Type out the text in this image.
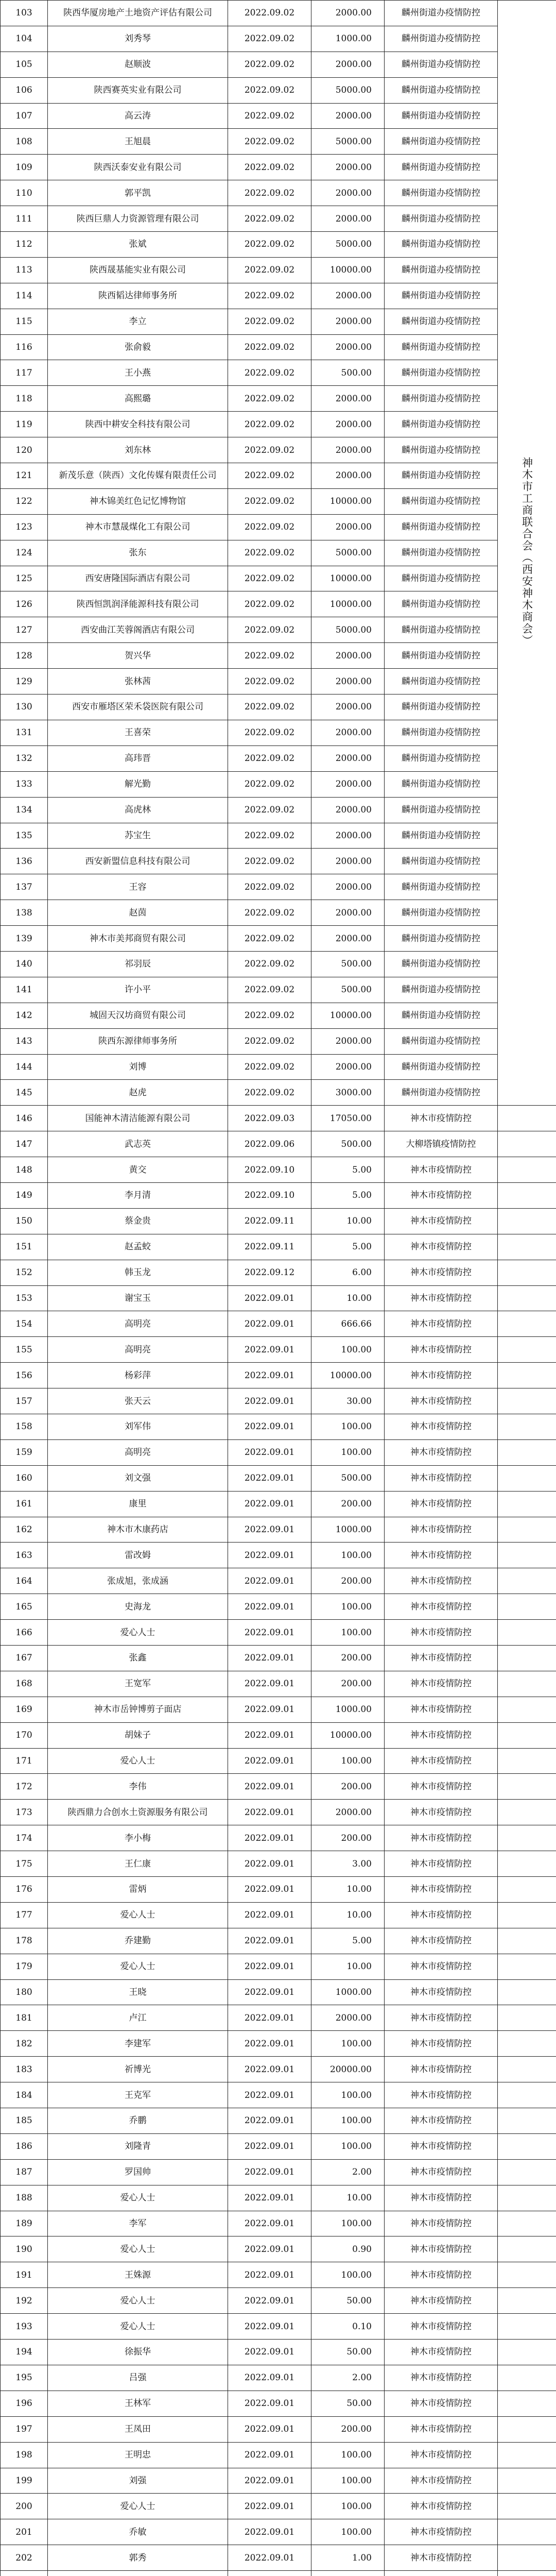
103	陕西华厦房地产土地资产评估有限公司	2022.09.02	2000.00	麟州街道办疫情防控	神木市工商联合会（西安神木商会）
104	刘秀琴	2022.09.02	1000.00	麟州街道办疫情防控	
105	赵顺波	2022.09.02	2000.00	麟州街道办疫情防控	
106	陕西赛英实业有限公司	2022.09.02	5000.00	麟州街道办疫情防控	
107	高云涛	2022.09.02	2000.00	麟州街道办疫情防控	
108	王旭晨	2022.09.02	5000.00	麟州街道办疫情防控	
109	陕西沃泰安业有限公司	2022.09.02	2000.00	麟州街道办疫情防控	
110	郭平凯	2022.09.02	2000.00	麟州街道办疫情防控	
111	陕西巨鼎人力资源管理有限公司	2022.09.02	2000.00	麟州街道办疫情防控	
112	张斌	2022.09.02	5000.00	麟州街道办疫情防控	
113	陕西晟基能实业有限公司	2022.09.02	10000.00	麟州街道办疫情防控	
114	陕西韬达律师事务所	2022.09.02	2000.00	麟州街道办疫情防控	
115	李立	2022.09.02	2000.00	麟州街道办疫情防控	
116	张俞毅	2022.09.02	2000.00	麟州街道办疫情防控	
117	王小燕	2022.09.02	500.00	麟州街道办疫情防控	
118	高熙璐	2022.09.02	2000.00	麟州街道办疫情防控	
119	陕西中耕安全科技有限公司	2022.09.02	2000.00	麟州街道办疫情防控	
120	刘东林	2022.09.02	2000.00	麟州街道办疫情防控	
121	新茂乐意（陕西）文化传媒有限责任公司	2022.09.02	2000.00	麟州街道办疫情防控	
122	神木锦美红色记忆博物馆	2022.09.02	10000.00	麟州街道办疫情防控	
123	神木市慧晟煤化工有限公司	2022.09.02	2000.00	麟州街道办疫情防控	
124	张东	2022.09.02	5000.00	麟州街道办疫情防控	
125	西安唐隆国际酒店有限公司	2022.09.02	10000.00	麟州街道办疫情防控	
126	陕西恒凯润泽能源科技有限公司	2022.09.02	10000.00	麟州街道办疫情防控	
127	西安曲江芙蓉阁酒店有限公司	2022.09.02	5000.00	麟州街道办疫情防控	
128	贺兴华	2022.09.02	2000.00	麟州街道办疫情防控	
129	张林茜	2022.09.02	2000.00	麟州街道办疫情防控	
130	西安市雁塔区荣禾袋医院有限公司	2022.09.02	2000.00	麟州街道办疫情防控	
131	王喜荣	2022.09.02	2000.00	麟州街道办疫情防控	
132	高玮晋	2022.09.02	2000.00	麟州街道办疫情防控	
133	解光勤	2022.09.02	2000.00	麟州街道办疫情防控	
134	高虎林	2022.09.02	2000.00	麟州街道办疫情防控	
135	苏宝生	2022.09.02	2000.00	麟州街道办疫情防控	
136	西安新盟信息科技有限公司	2022.09.02	2000.00	麟州街道办疫情防控	
137	王容	2022.09.02	2000.00	麟州街道办疫情防控	
138	赵茵	2022.09.02	2000.00	麟州街道办疫情防控	
139	神木市美邦商贸有限公司	2022.09.02	2000.00	麟州街道办疫情防控	
140	祁羽辰	2022.09.02	500.00	麟州街道办疫情防控	
141	许小平	2022.09.02	500.00	麟州街道办疫情防控	
142	城固天汉坊商贸有限公司	2022.09.02	10000.00	麟州街道办疫情防控	
143	陕西东源律师事务所	2022.09.02	2000.00	麟州街道办疫情防控	
144	刘博	2022.09.02	2000.00	麟州街道办疫情防控	
145	赵虎	2022.09.02	3000.00	麟州街道办疫情防控	
146	国能神木清洁能源有限公司	2022.09.03	17050.00	神木市疫情防控	
147	武志英	2022.09.06	500.00	大柳塔镇疫情防控	
148	黄交	2022.09.10	5.00	神木市疫情防控	
149	李月清	2022.09.10	5.00	神木市疫情防控	
150	蔡金贵	2022.09.11	10.00	神木市疫情防控	
151	赵孟蛟	2022.09.11	5.00	神木市疫情防控	
152	韩玉龙	2022.09.12	6.00	神木市疫情防控	
153	谢宝玉	2022.09.01	10.00	神木市疫情防控	
154	高明亮	2022.09.01	666.66	神木市疫情防控	
155	高明亮	2022.09.01	100.00	神木市疫情防控	
156	杨彩萍	2022.09.01	10000.00	神木市疫情防控	
157	张天云	2022.09.01	30.00	神木市疫情防控	
158	刘军伟	2022.09.01	100.00	神木市疫情防控	
159	高明亮	2022.09.01	100.00	神木市疫情防控	
160	刘文强	2022.09.01	500.00	神木市疫情防控	
161	康里	2022.09.01	200.00	神木市疫情防控	
162	神木市木康药店	2022.09.01	1000.00	神木市疫情防控	
163	雷改姆	2022.09.01	100.00	神木市疫情防控	
164	张成旭，张成涵	2022.09.01	200.00	神木市疫情防控	
165	史海龙	2022.09.01	100.00	神木市疫情防控	
166	爱心人士	2022.09.01	100.00	神木市疫情防控	
167	张鑫	2022.09.01	200.00	神木市疫情防控	
168	王宽军	2022.09.01	200.00	神木市疫情防控	
169	神木市岳钟博剪子面店	2022.09.01	1000.00	神木市疫情防控	
170	胡妹子	2022.09.01	10000.00	神木市疫情防控	
171	爱心人士	2022.09.01	100.00	神木市疫情防控	
172	李伟	2022.09.01	200.00	神木市疫情防控	
173	陕西鼎力合创水土资源服务有限公司	2022.09.01	2000.00	神木市疫情防控	
174	李小梅	2022.09.01	200.00	神木市疫情防控	
175	王仁康	2022.09.01	3.00	神木市疫情防控	
176	雷炳	2022.09.01	10.00	神木市疫情防控	
177	爱心人士	2022.09.01	10.00	神木市疫情防控	
178	乔建勤	2022.09.01	5.00	神木市疫情防控	
179	爱心人士	2022.09.01	10.00	神木市疫情防控	
180	王晓	2022.09.01	1000.00	神木市疫情防控	
181	卢江	2022.09.01	2000.00	神木市疫情防控	
182	李建军	2022.09.01	100.00	神木市疫情防控	
183	祈博光	2022.09.01	20000.00	神木市疫情防控	
184	王克军	2022.09.01	100.00	神木市疫情防控	
185	乔鹏	2022.09.01	100.00	神木市疫情防控	
186	刘隆青	2022.09.01	100.00	神木市疫情防控	
187	罗国帅	2022.09.01	2.00	神木市疫情防控	
188	爱心人士	2022.09.01	10.00	神木市疫情防控	
189	李军	2022.09.01	100.00	神木市疫情防控	
190	爱心人士	2022.09.01	0.90	神木市疫情防控	
191	王姝源	2022.09.01	100.00	神木市疫情防控	
192	爱心人士	2022.09.01	50.00	神木市疫情防控	
193	爱心人士	2022.09.01	0.10	神木市疫情防控	
194	徐振华	2022.09.01	50.00	神木市疫情防控	
195	吕强	2022.09.01	2.00	神木市疫情防控	
196	王林军	2022.09.01	50.00	神木市疫情防控	
197	王凤田	2022.09.01	200.00	神木市疫情防控	
198	王明忠	2022.09.01	100.00	神木市疫情防控	
199	刘强	2022.09.01	100.00	神木市疫情防控	
200	爱心人士	2022.09.01	100.00	神木市疫情防控	
201	乔敏	2022.09.01	100.00	神木市疫情防控	
202	郭秀	2022.09.01	1.00	神木市疫情防控	
